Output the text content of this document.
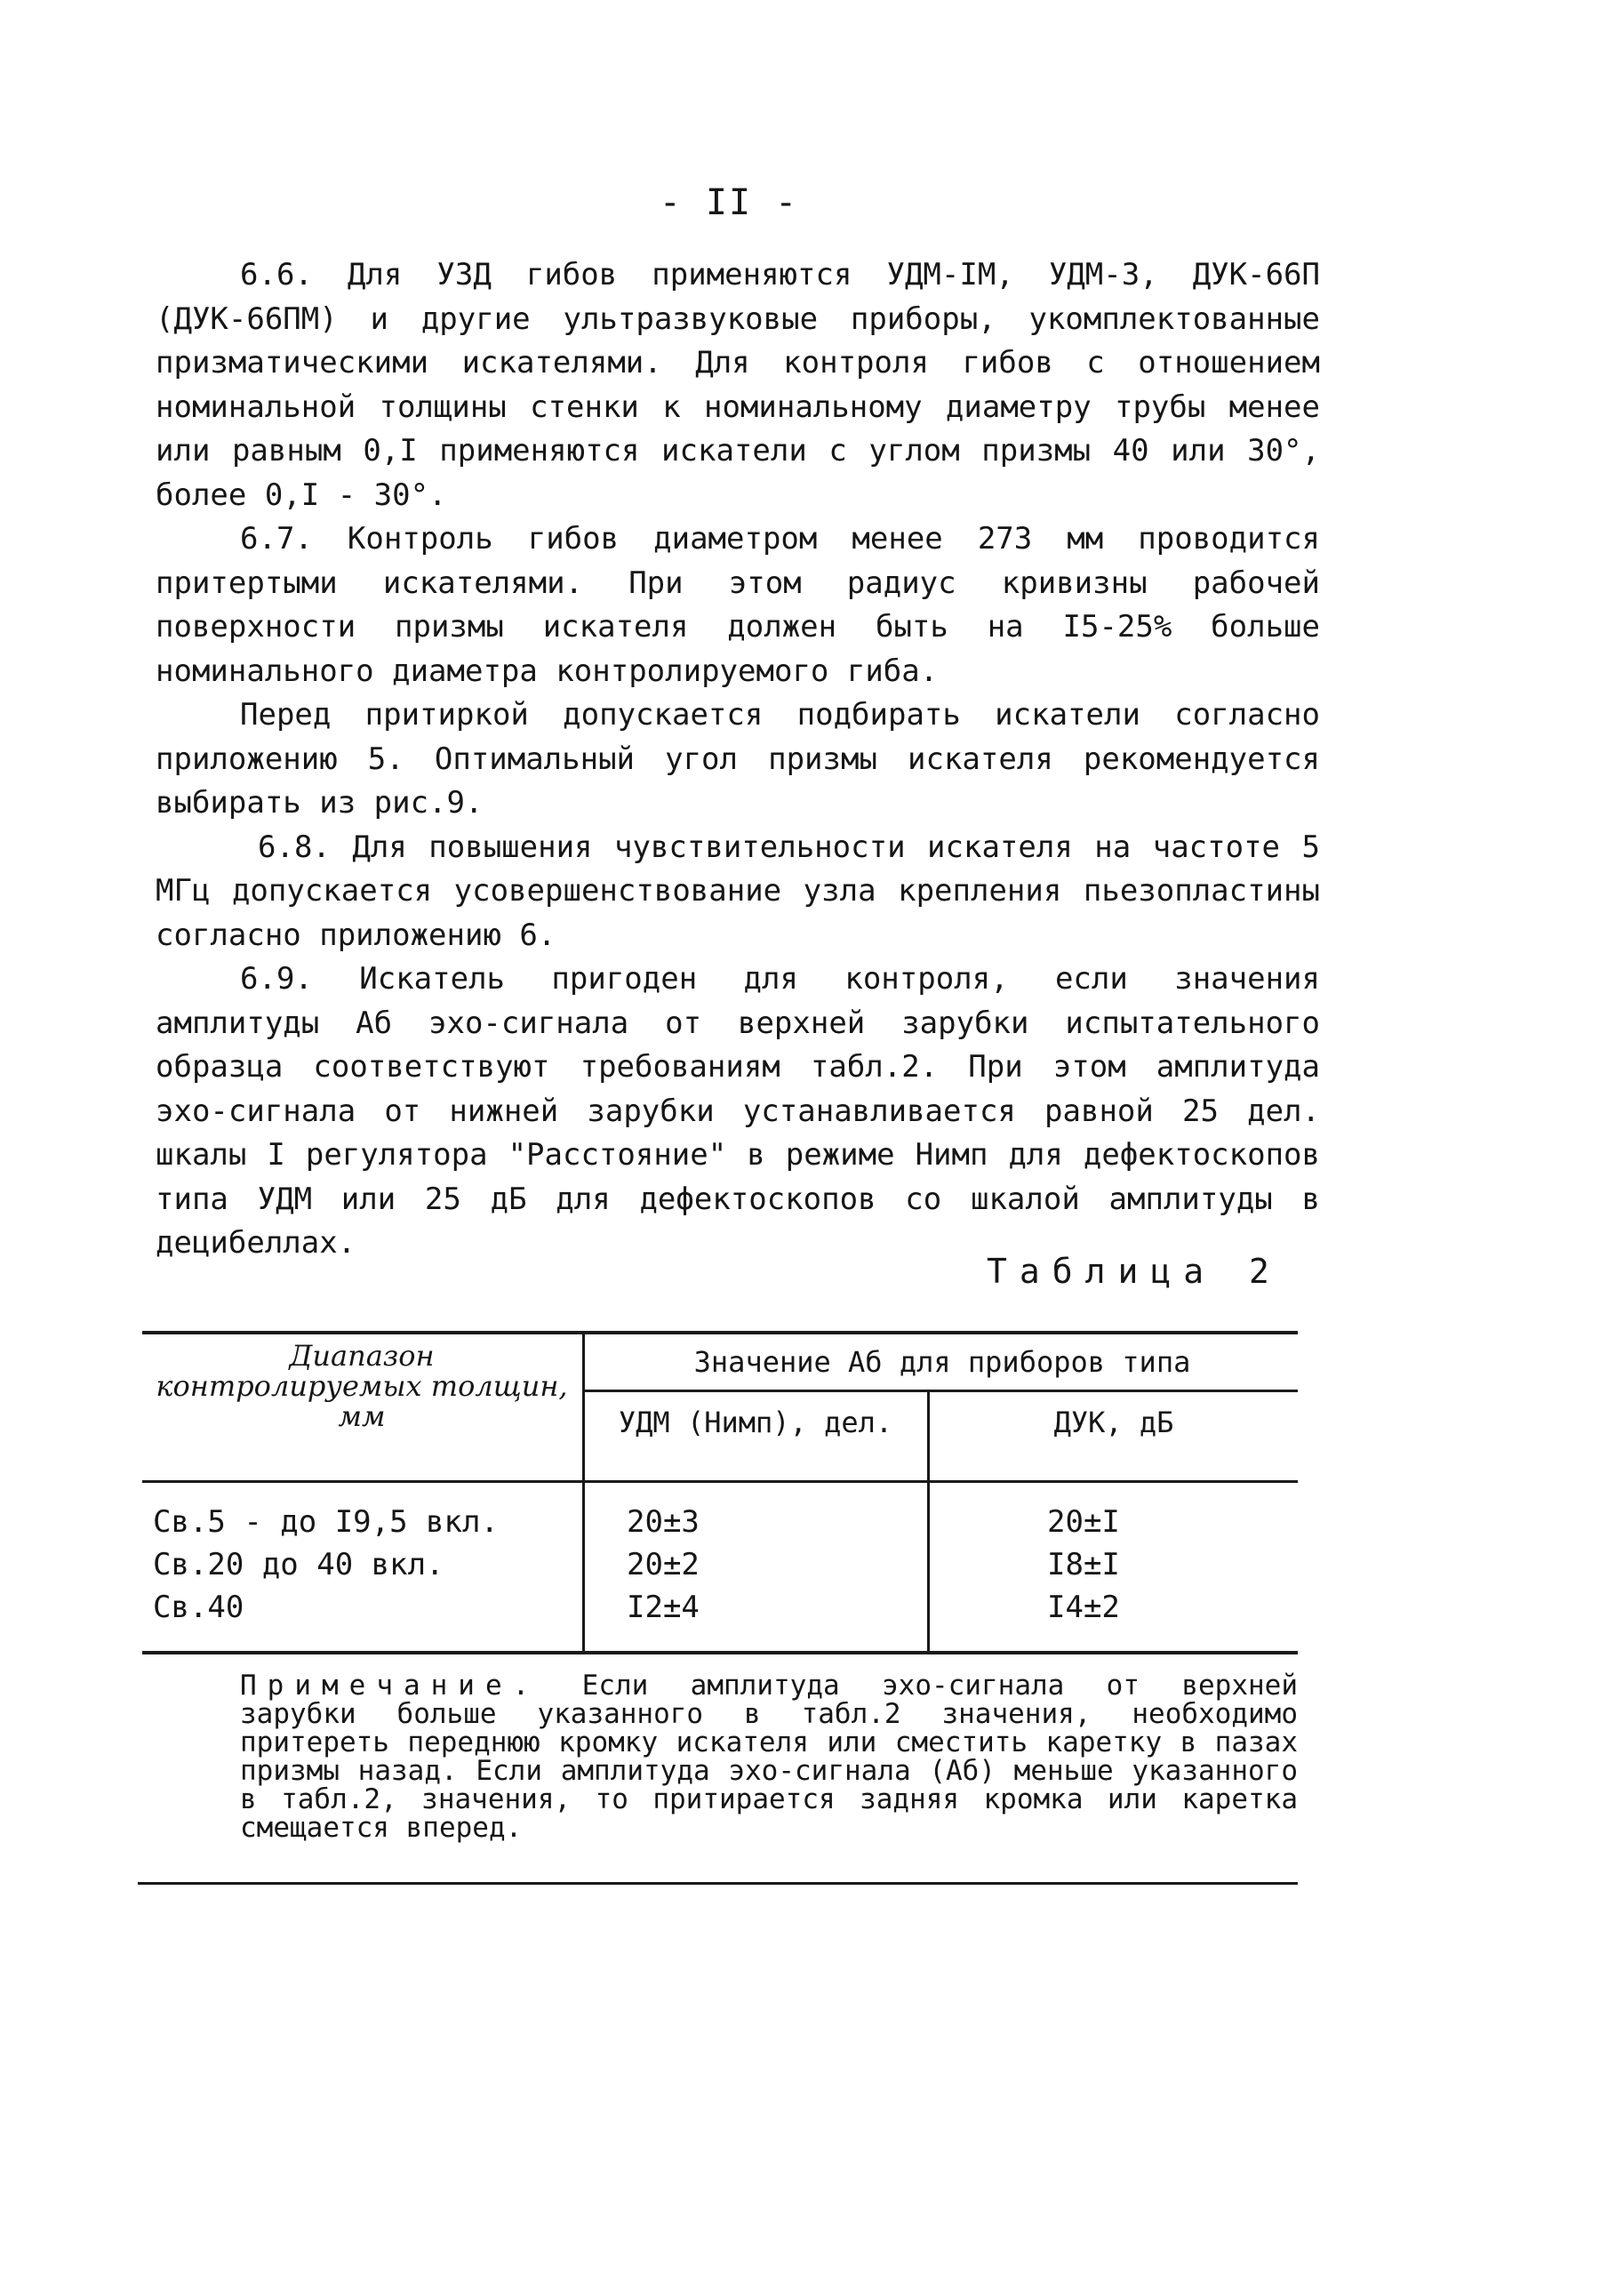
- II -

6.6. Для УЗД гибов применяются УДМ-IМ, УДМ-3, ДУК-66П (ДУК-66ПМ) и другие ультразвуковые приборы, укомплектованные призматическими искателями. Для контроля гибов с отношением номинальной толщины стенки к номинальному диаметру трубы менее или равным 0,I применяются искатели с углом призмы 40 или 30°, более 0,I - 30°.

6.7. Контроль гибов диаметром менее 273 мм проводится притертыми искателями. При этом радиус кривизны рабочей поверхности призмы искателя должен быть на I5-25% больше номинального диаметра контролируемого гиба.

Перед притиркой допускается подбирать искатели согласно приложению 5. Оптимальный угол призмы искателя рекомендуется выбирать из рис.9.

6.8. Для повышения чувствительности искателя на частоте 5 МГц допускается усовершенствование узла крепления пьезопластины согласно приложению 6.

6.9. Искатель пригоден для контроля, если значения амплитуды Аб эхо-сигнала от верхней зарубки испытательного образца соответствуют требованиям табл.2. При этом амплитуда эхо-сигнала от нижней зарубки устанавливается равной 25 дел. шкалы I регулятора "Расстояние" в режиме Нимп для дефектоскопов типа УДМ или 25 дБ для дефектоскопов со шкалой амплитуды в децибеллах.

Таблица 2
Диапазон контролируемых толщин, мм
Значение Аб для приборов типа
УДМ (Нимп), дел.	ДУК, дБ
Св.5 - до I9,5 вкл.	20±3	20±I
Св.20 до 40 вкл.	20±2	I8±I
Св.40	I2±4	I4±2

Примечание. Если амплитуда эхо-сигнала от верхней зарубки больше указанного в табл.2 значения, необходимо притереть переднюю кромку искателя или сместить каретку в пазах призмы назад. Если амплитуда эхо-сигнала (Аб) меньше указанного в табл.2, значения, то притирается задняя кромка или каретка смещается вперед.
